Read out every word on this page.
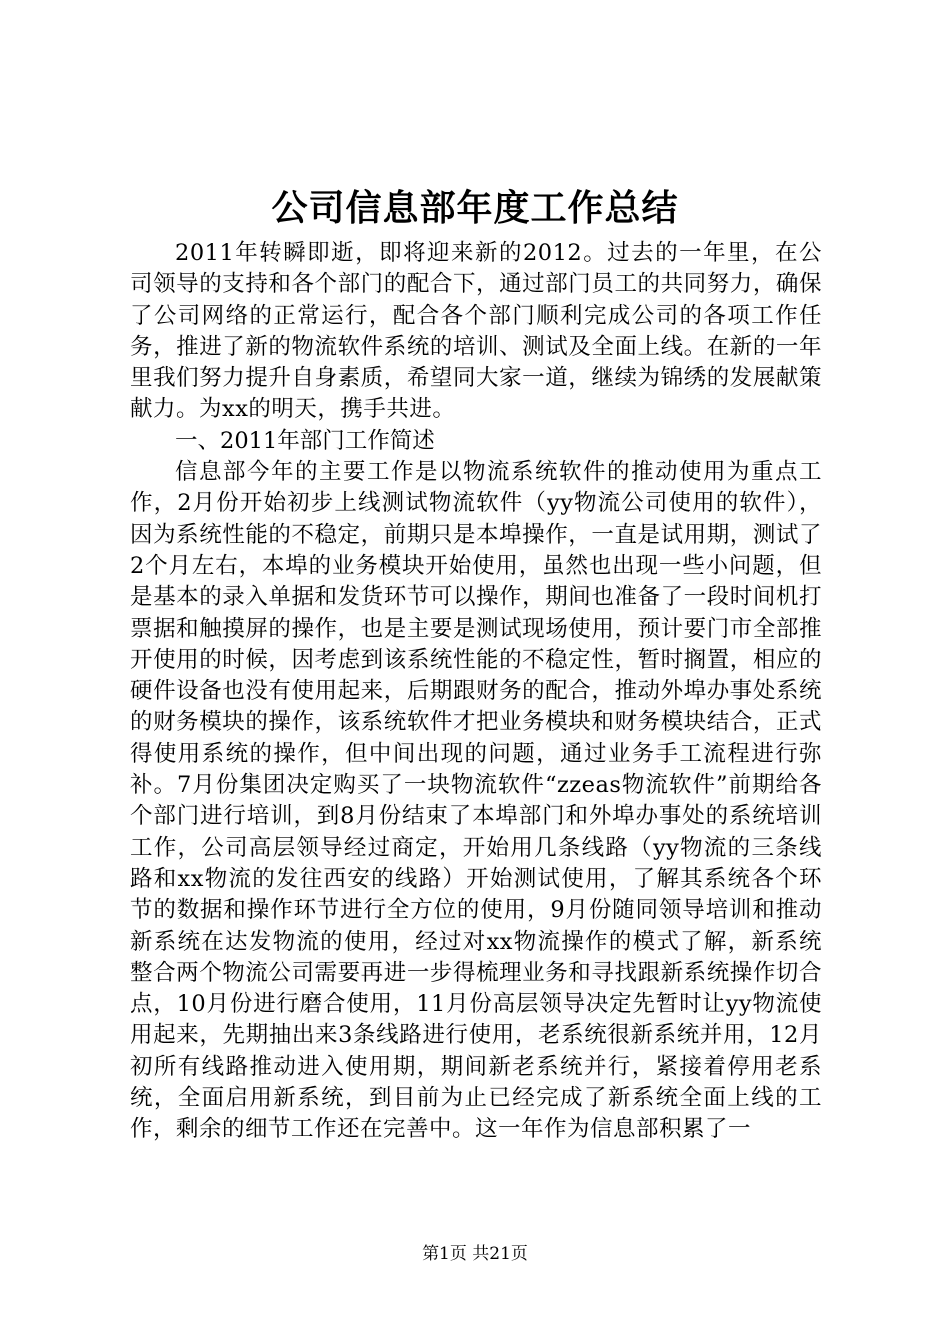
公司信息部年度工作总结

2011年转瞬即逝，即将迎来新的2012。过去的一年里，在公司领导的支持和各个部门的配合下，通过部门员工的共同努力，确保了公司网络的正常运行，配合各个部门顺利完成公司的各项工作任务，推进了新的物流软件系统的培训、测试及全面上线。在新的一年里我们努力提升自身素质，希望同大家一道，继续为锦绣的发展献策献力。为xx的明天，携手共进。

一、2011年部门工作简述

信息部今年的主要工作是以物流系统软件的推动使用为重点工作，2月份开始初步上线测试物流软件（yy物流公司使用的软件），因为系统性能的不稳定，前期只是本埠操作，一直是试用期，测试了2个月左右，本埠的业务模块开始使用，虽然也出现一些小问题，但是基本的录入单据和发货环节可以操作，期间也准备了一段时间机打票据和触摸屏的操作，也是主要是测试现场使用，预计要门市全部推开使用的时候，因考虑到该系统性能的不稳定性，暂时搁置，相应的硬件设备也没有使用起来，后期跟财务的配合，推动外埠办事处系统的财务模块的操作，该系统软件才把业务模块和财务模块结合，正式得使用系统的操作，但中间出现的问题，通过业务手工流程进行弥补。7月份集团决定购买了一块物流软件“zzeas物流软件”前期给各个部门进行培训，到8月份结束了本埠部门和外埠办事处的系统培训工作，公司高层领导经过商定，开始用几条线路（yy物流的三条线路和xx物流的发往西安的线路）开始测试使用，了解其系统各个环节的数据和操作环节进行全方位的使用，9月份随同领导培训和推动新系统在达发物流的使用，经过对xx物流操作的模式了解，新系统整合两个物流公司需要再进一步得梳理业务和寻找跟新系统操作切合点，10月份进行磨合使用，11月份高层领导决定先暂时让yy物流使用起来，先期抽出来3条线路进行使用，老系统很新系统并用，12月初所有线路推动进入使用期，期间新老系统并行，紧接着停用老系统，全面启用新系统，到目前为止已经完成了新系统全面上线的工作，剩余的细节工作还在完善中。这一年作为信息部积累了一

第1页 共21页
